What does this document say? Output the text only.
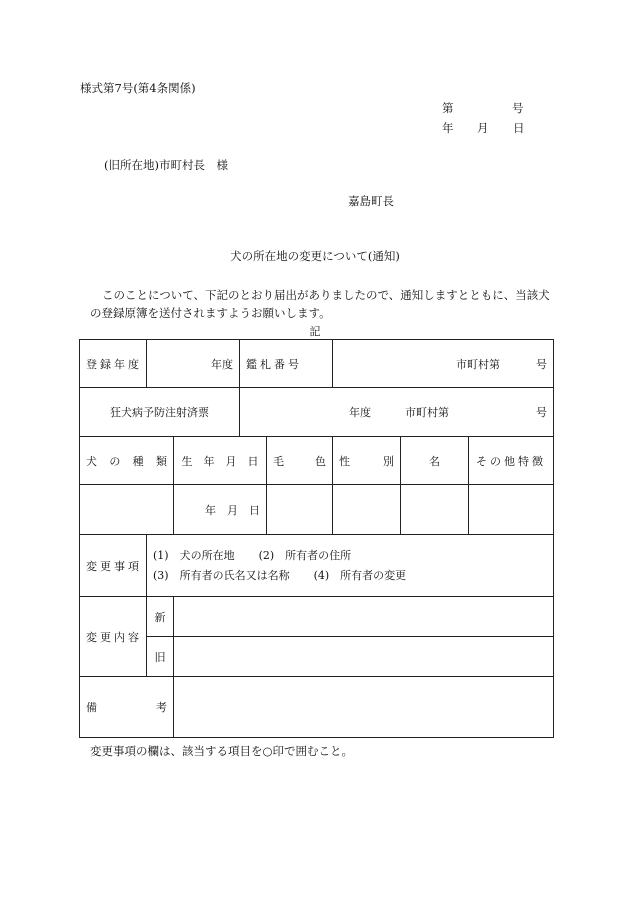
様式第7号(第4条関係)
第	号
年 月 日
(旧所在地)市町村長　様
嘉島町長
犬の所在地の変更について(通知)
このことについて、下記のとおり届出がありましたので、通知しますとともに、当該犬の登録原簿を送付されますようお願いします。
記
登録年度	年度		鑑札番号		市町村第 号		

狂犬病予防注射済票			年度 市町村第 号				

犬 の 種 類		生　年　月　日		毛 色	性 別	名	その他特徴
		年　月　日					
変更事項	(1)　犬の所在地 (2)　所有者の住所
(3)　所有者の氏名又は名称 (4)　所有者の変更						

変更内容	新						
	旧						

備 考							

変更事項の欄は、該当する項目を○印で囲むこと。
